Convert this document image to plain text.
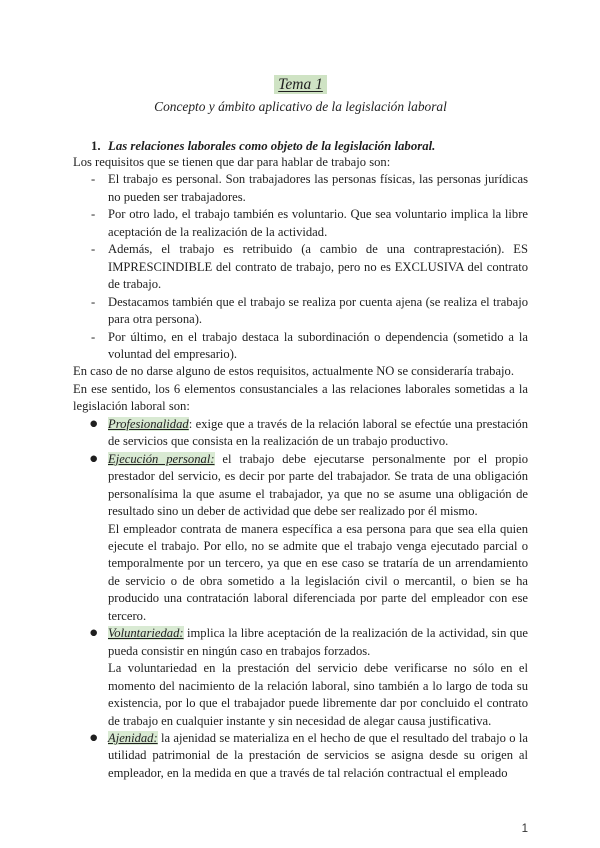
Tema 1
Concepto y ámbito aplicativo de la legislación laboral
1. Las relaciones laborales como objeto de la legislación laboral.

Los requisitos que se tienen que dar para hablar de trabajo son:

- El trabajo es personal. Son trabajadores las personas físicas, las personas jurídicas no pueden ser trabajadores.

- Por otro lado, el trabajo también es voluntario. Que sea voluntario implica la libre aceptación de la realización de la actividad.

- Además, el trabajo es retribuido (a cambio de una contraprestación). ES IMPRESCINDIBLE del contrato de trabajo, pero no es EXCLUSIVA del contrato de trabajo.

- Destacamos también que el trabajo se realiza por cuenta ajena (se realiza el trabajo para otra persona).

- Por último, en el trabajo destaca la subordinación o dependencia (sometido a la voluntad del empresario).

En caso de no darse alguno de estos requisitos, actualmente NO se consideraría trabajo.

En ese sentido, los 6 elementos consustanciales a las relaciones laborales sometidas a la legislación laboral son:

● Profesionalidad: exige que a través de la relación laboral se efectúe una prestación de servicios que consista en la realización de un trabajo productivo.

● Ejecución personal: el trabajo debe ejecutarse personalmente por el propio prestador del servicio, es decir por parte del trabajador. Se trata de una obligación personalísima la que asume el trabajador, ya que no se asume una obligación de resultado sino un deber de actividad que debe ser realizado por él mismo.

El empleador contrata de manera específica a esa persona para que sea ella quien ejecute el trabajo. Por ello, no se admite que el trabajo venga ejecutado parcial o temporalmente por un tercero, ya que en ese caso se trataría de un arrendamiento de servicio o de obra sometido a la legislación civil o mercantil, o bien se ha producido una contratación laboral diferenciada por parte del empleador con ese tercero.

● Voluntariedad: implica la libre aceptación de la realización de la actividad, sin que pueda consistir en ningún caso en trabajos forzados.

La voluntariedad en la prestación del servicio debe verificarse no sólo en el momento del nacimiento de la relación laboral, sino también a lo largo de toda su existencia, por lo que el trabajador puede libremente dar por concluido el contrato de trabajo en cualquier instante y sin necesidad de alegar causa justificativa.

● Ajenidad: la ajenidad se materializa en el hecho de que el resultado del trabajo o la utilidad patrimonial de la prestación de servicios se asigna desde su origen al empleador, en la medida en que a través de tal relación contractual el empleado

1
